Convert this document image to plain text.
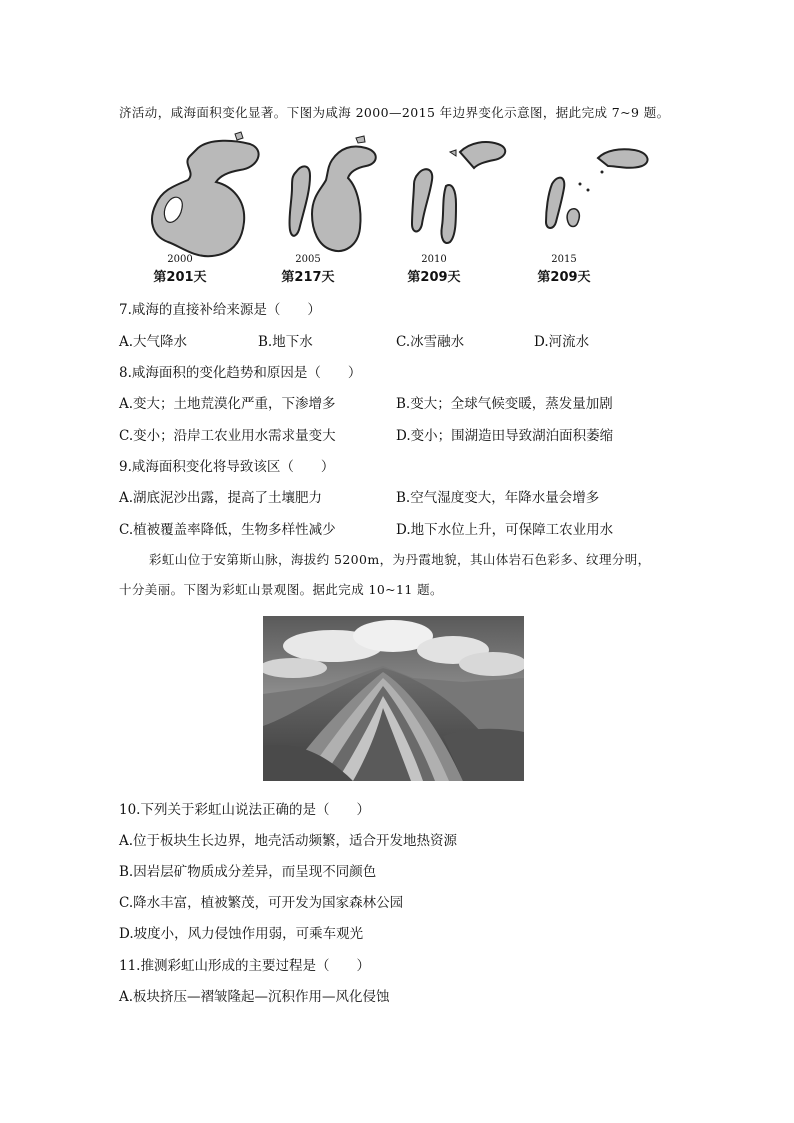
济活动，咸海面积变化显著。下图为咸海 2000—2015 年边界变化示意图，据此完成 7~9 题。
2000
第201天
2005
第217天
2010
第209天
2015
第209天
7.咸海的直接补给来源是（　　）
A.大气降水	B.地下水	C.冰雪融水	D.河流水
8.咸海面积的变化趋势和原因是（　　）
A.变大；土地荒漠化严重，下渗增多	B.变大；全球气候变暖，蒸发量加剧
C.变小；沿岸工农业用水需求量变大	D.变小；围湖造田导致湖泊面积萎缩
9.咸海面积变化将导致该区（　　）
A.湖底泥沙出露，提高了土壤肥力	B.空气湿度变大，年降水量会增多
C.植被覆盖率降低，生物多样性减少	D.地下水位上升，可保障工农业用水
彩虹山位于安第斯山脉，海拔约 5200m，为丹霞地貌，其山体岩石色彩多、纹理分明，
十分美丽。下图为彩虹山景观图。据此完成 10~11 题。
10.下列关于彩虹山说法正确的是（　　）
A.位于板块生长边界，地壳活动频繁，适合开发地热资源
B.因岩层矿物质成分差异，而呈现不同颜色
C.降水丰富，植被繁茂，可开发为国家森林公园
D.坡度小，风力侵蚀作用弱，可乘车观光
11.推测彩虹山形成的主要过程是（　　）
A.板块挤压—褶皱隆起—沉积作用—风化侵蚀
